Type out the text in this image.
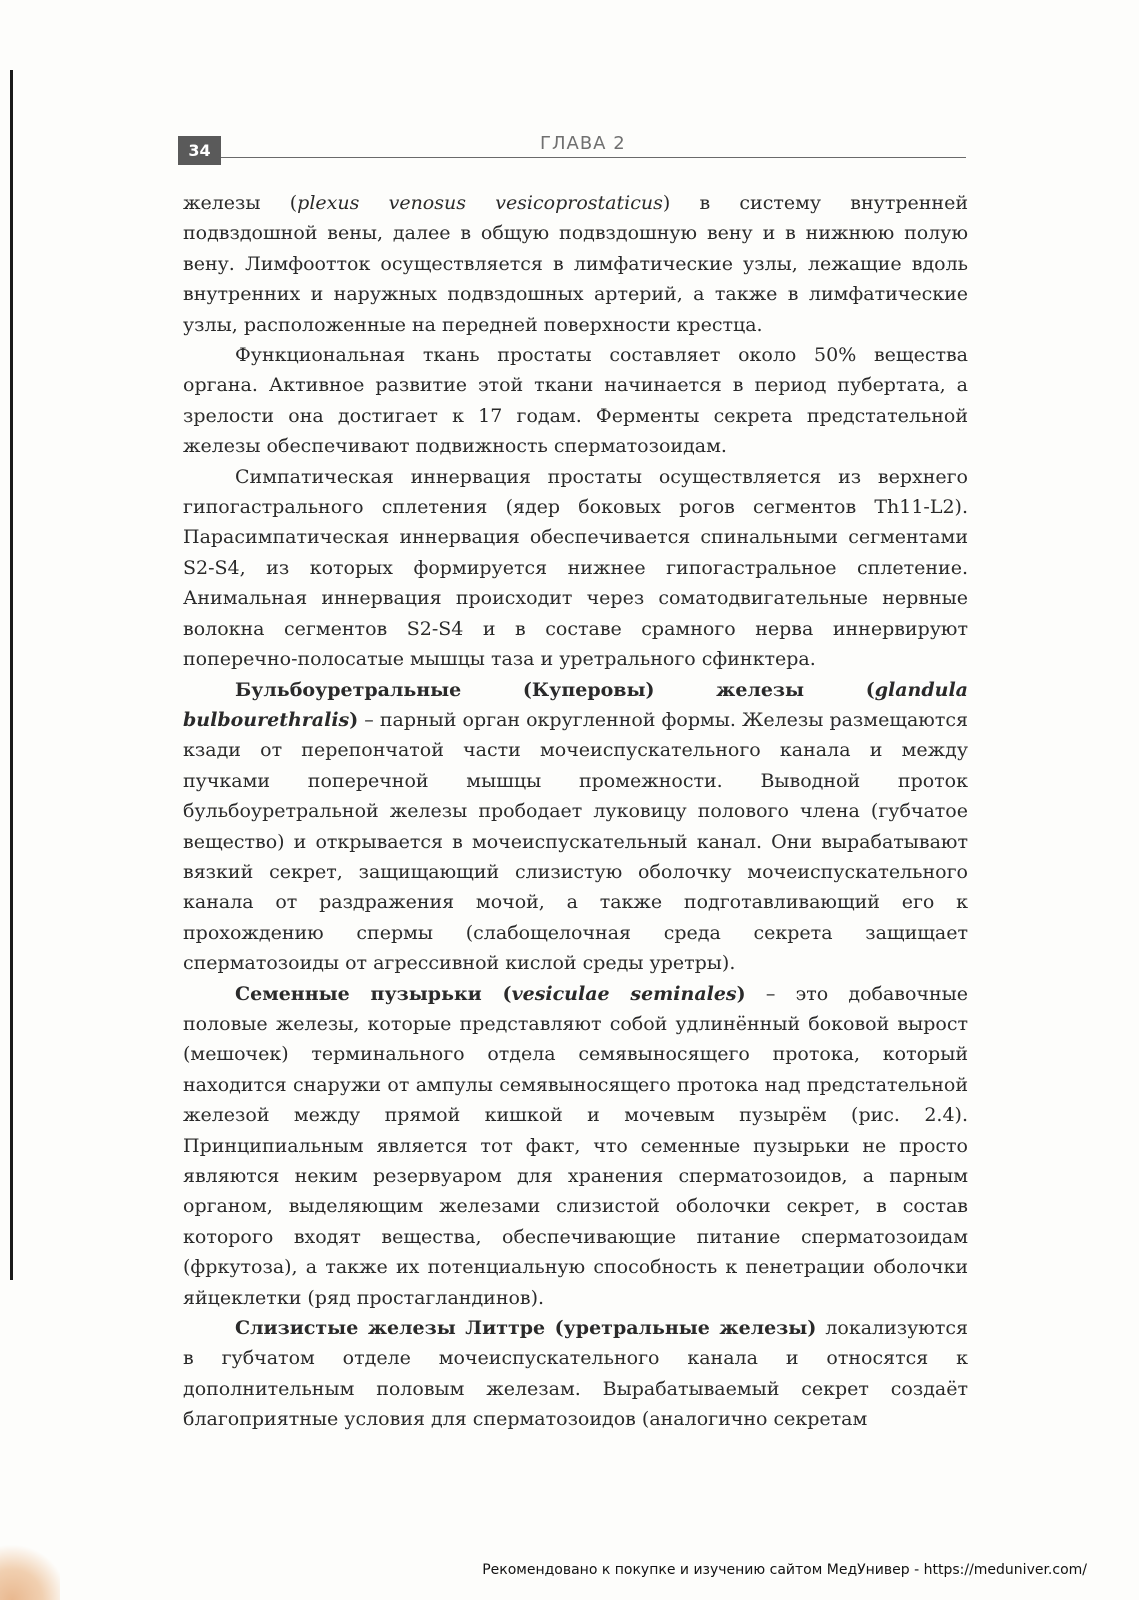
34	ГЛАВА 2

железы (plexus venosus vesicoprostaticus) в систему внутренней подвздошной вены, далее в общую подвздошную вену и в нижнюю полую вену. Лимфоотток осуществляется в лимфатические узлы, лежащие вдоль внутренних и наружных подвздошных артерий, а также в лимфатические узлы, расположенные на передней поверхности крестца.

Функциональная ткань простаты составляет около 50% вещества органа. Активное развитие этой ткани начинается в период пубертата, а зрелости она достигает к 17 годам. Ферменты секрета предстательной железы обеспечивают подвижность сперматозоидам.

Симпатическая иннервация простаты осуществляется из верхнего гипогастрального сплетения (ядер боковых рогов сегментов Th11-L2). Парасимпатическая иннервация обеспечивается спинальными сегментами S2-S4, из которых формируется нижнее гипогастральное сплетение. Анимальная иннервация происходит через соматодвигательные нервные волокна сегментов S2-S4 и в составе срамного нерва иннервируют поперечно-полосатые мышцы таза и уретрального сфинктера.

Бульбоуретральные (Куперовы) железы (glandula bulbourethralis) – парный орган округленной формы. Железы размещаются кзади от перепончатой части мочеиспускательного канала и между пучками поперечной мышцы промежности. Выводной проток бульбоуретральной железы прободает луковицу полового члена (губчатое вещество) и открывается в мочеиспускательный канал. Они вырабатывают вязкий секрет, защищающий слизистую оболочку мочеиспускательного канала от раздражения мочой, а также подготавливающий его к прохождению спермы (слабощелочная среда секрета защищает сперматозоиды от агрессивной кислой среды уретры).

Семенные пузырьки (vesiculae seminales) – это добавочные половые железы, которые представляют собой удлинённый боковой вырост (мешочек) терминального отдела семявыносящего протока, который находится снаружи от ампулы семявыносящего протока над предстательной железой между прямой кишкой и мочевым пузырём (рис. 2.4). Принципиальным является тот факт, что семенные пузырьки не просто являются неким резервуаром для хранения сперматозоидов, а парным органом, выделяющим железами слизистой оболочки секрет, в состав которого входят вещества, обеспечивающие питание сперматозоидам (фркутоза), а также их потенциальную способность к пенетрации оболочки яйцеклетки (ряд простагландинов).

Слизистые железы Литтре (уретральные железы) локализуются в губчатом отделе мочеиспускательного канала и относятся к дополнительным половым железам. Вырабатываемый секрет создаёт благоприятные условия для сперматозоидов (аналогично секретам

Рекомендовано к покупке и изучению сайтом МедУнивер - https://meduniver.com/
